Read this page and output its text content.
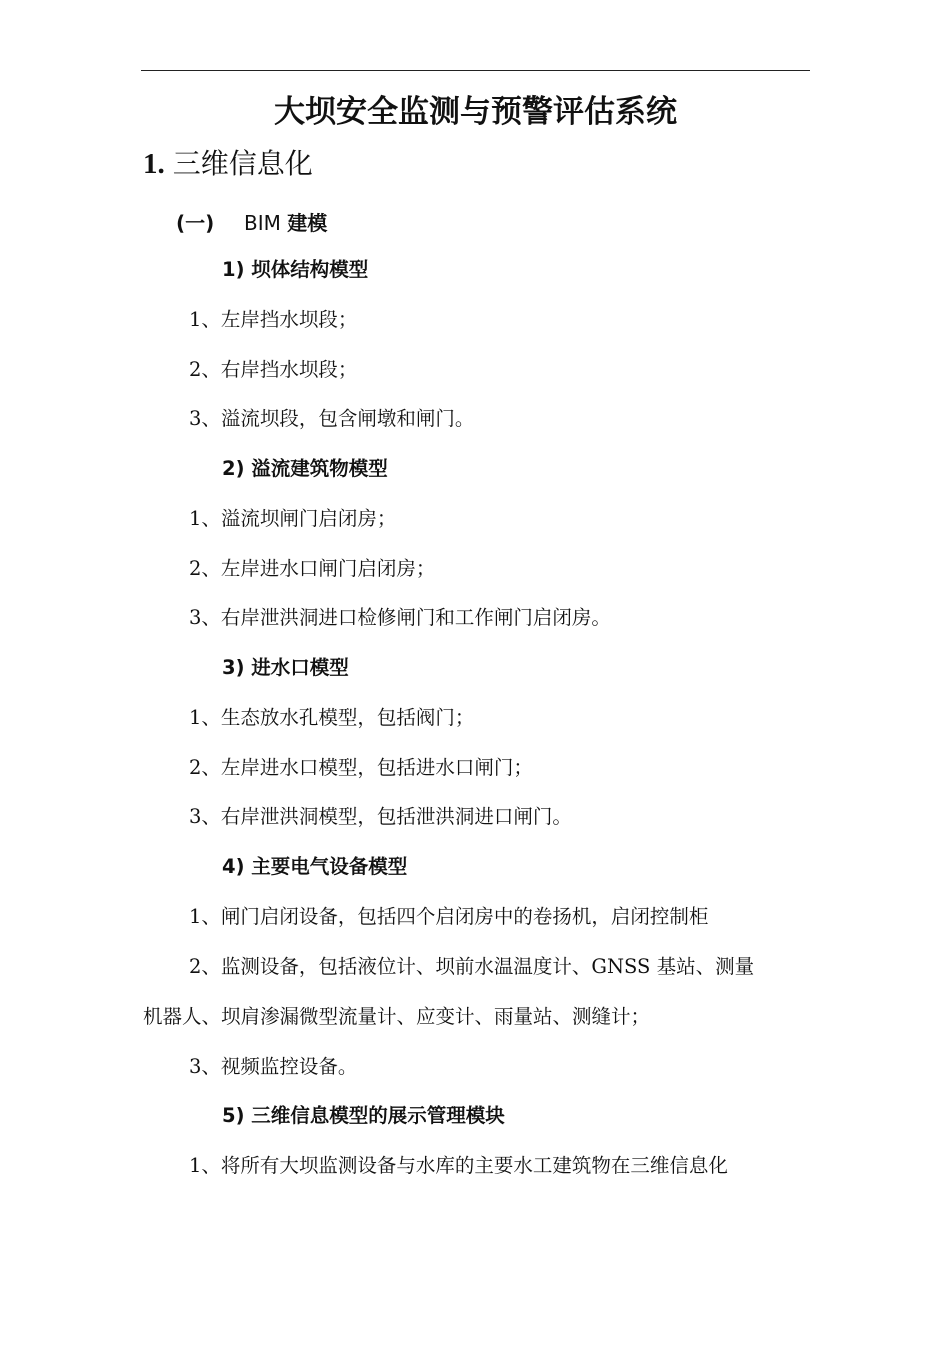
大坝安全监测与预警评估系统
1. 三维信息化
(一) BIM 建模
1) 坝体结构模型
1、左岸挡水坝段；
2、右岸挡水坝段；
3、溢流坝段，包含闸墩和闸门。
2) 溢流建筑物模型
1、溢流坝闸门启闭房；
2、左岸进水口闸门启闭房；
3、右岸泄洪洞进口检修闸门和工作闸门启闭房。
3) 进水口模型
1、生态放水孔模型，包括阀门；
2、左岸进水口模型，包括进水口闸门；
3、右岸泄洪洞模型，包括泄洪洞进口闸门。
4) 主要电气设备模型
1、闸门启闭设备，包括四个启闭房中的卷扬机，启闭控制柜
2、监测设备，包括液位计、坝前水温温度计、GNSS 基站、测量
机器人、坝肩渗漏微型流量计、应变计、雨量站、测缝计；
3、视频监控设备。
5) 三维信息模型的展示管理模块
1、将所有大坝监测设备与水库的主要水工建筑物在三维信息化
